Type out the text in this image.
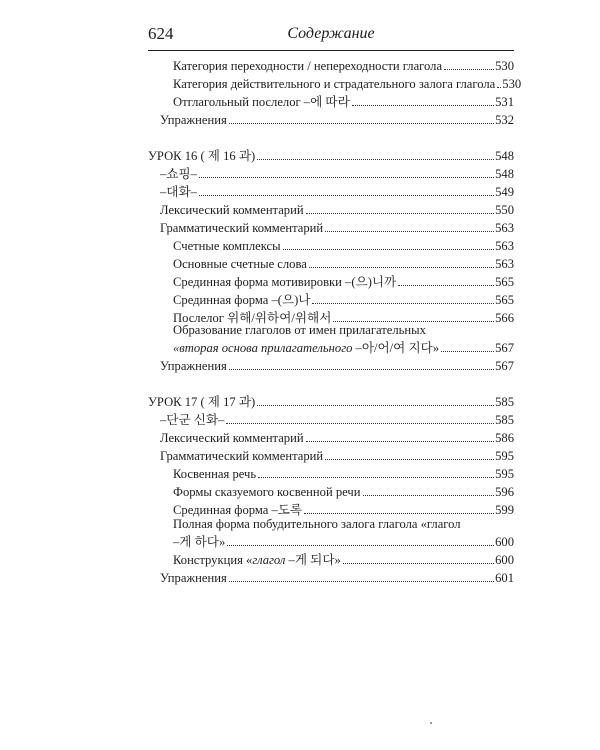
624	Содержание
Категория переходности / непереходности глагола	530
Категория действительного и страдательного залога глагола 530
Отглагольный послелог –에 따라	531
Упражнения	532
УРОК 16 ( 제 16 과)	548
–쇼핑–	548
–대화–	549
Лексический комментарий	550
Грамматический комментарий	563
Счетные комплексы	563
Основные счетные слова	563
Срединная форма мотивировки –(으)니까	565
Срединная форма –(으)나	565
Послелог 위해/위하여/위해서	566
Образование глаголов от имен прилагательных
«вторая основа прилагательного –아/어/여 지다»	567
Упражнения	567
УРОК 17 ( 제 17 과)	585
–단군 신화–	585
Лексический комментарий	586
Грамматический комментарий	595
Косвенная речь	595
Формы сказуемого косвенной речи	596
Срединная форма –도록	599
Полная форма побудительного залога глагола «глагол
–게 하다»	600
Конструкция «глагол –게 되다»	600
Упражнения	601
